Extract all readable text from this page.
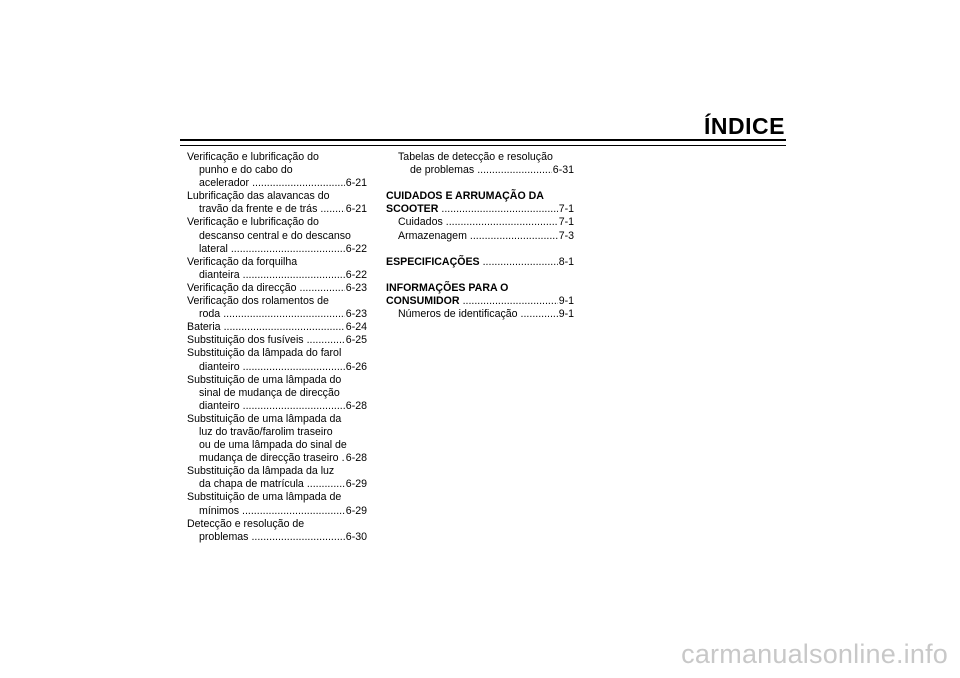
ÍNDICE
Verificação e lubrificação do
punho e do cabo do
acelerador .....	6-21
Lubrificação das alavancas do
travão da frente e de trás .....	6-21
Verificação e lubrificação do
descanso central e do descanso
lateral .....	6-22
Verificação da forquilha
dianteira .....	6-22
Verificação da direcção .....	6-23
Verificação dos rolamentos de
roda .....	6-23
Bateria .....	6-24
Substituição dos fusíveis .....	6-25
Substituição da lâmpada do farol
dianteiro .....	6-26
Substituição de uma lâmpada do
sinal de mudança de direcção
dianteiro .....	6-28
Substituição de uma lâmpada da
luz do travão/farolim traseiro
ou de uma lâmpada do sinal de
mudança de direcção traseiro ..... 6-28
Substituição da lâmpada da luz
da chapa de matrícula .....	6-29
Substituição de uma lâmpada de
mínimos .....	6-29
Detecção e resolução de
problemas .....	6-30
Tabelas de detecção e resolução
de problemas .....	6-31
CUIDADOS E ARRUMAÇÃO DA
SCOOTER .....	7-1
Cuidados .....	7-1
Armazenagem .....	7-3
ESPECIFICAÇÕES .....	8-1
INFORMAÇÕES PARA O
CONSUMIDOR .....	9-1
Números de identificação .....	9-1
carmanualsonline.info
